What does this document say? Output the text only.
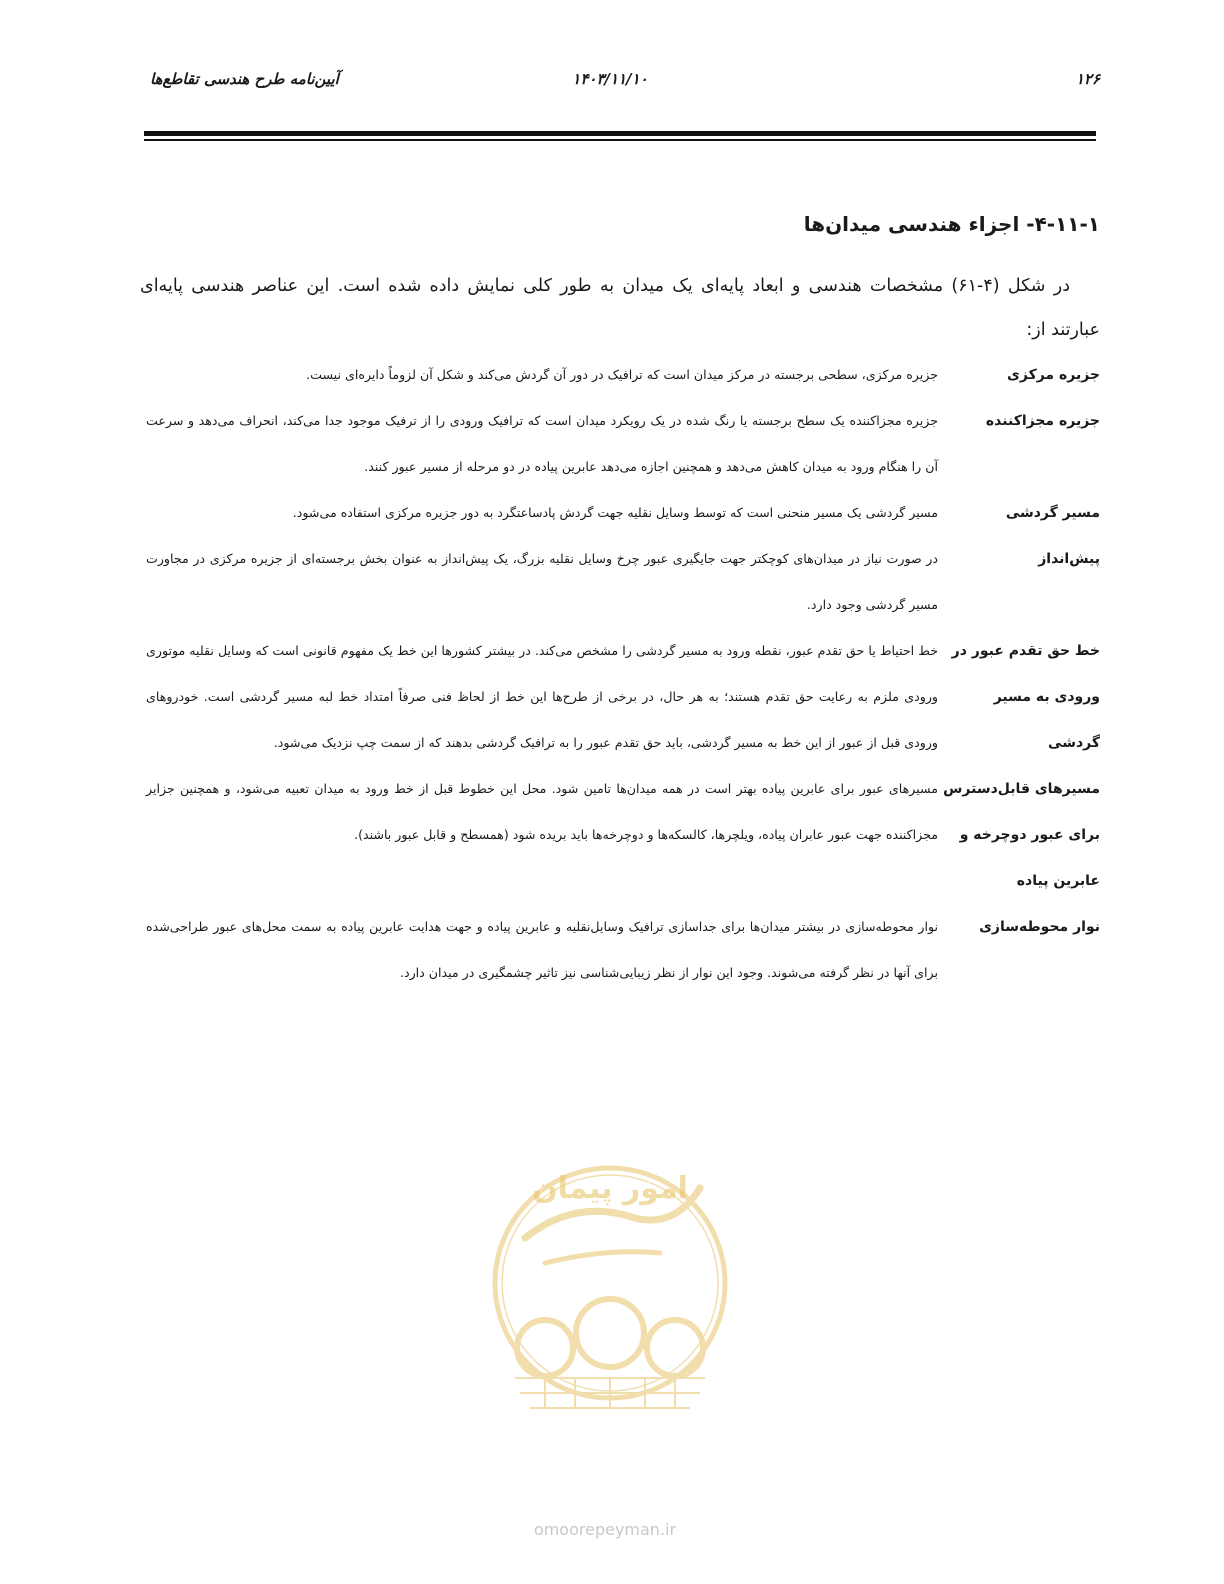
آیین‌نامه طرح هندسی تقاطع‌ها	۱۴۰۳/۱۱/۱۰	۱۲۶
۴-۱۱-۱- اجزاء هندسی میدان‌ها

در شکل (۴-۶۱) مشخصات هندسی و ابعاد پایه‌ای یک میدان به طور کلی نمایش داده شده است. این عناصر هندسی پایه‌ای عبارتند از:

جزیره مرکزی
جزیره مرکزی، سطحی برجسته در مرکز میدان است که ترافیک در دور آن گردش می‌کند و شکل آن لزوماً دایره‌ای نیست.
جزیره مجزاکننده
جزیره مجزاکننده یک سطح برجسته یا رنگ شده در یک رویکرد میدان است که ترافیک ورودی را از ترفیک موجود جدا می‌کند، انحراف می‌دهد و سرعت آن را هنگام ورود به میدان کاهش می‌دهد و همچنین اجازه می‌دهد عابرین پیاده در دو مرحله از مسیر عبور کنند.
مسیر گردشی
مسیر گردشی یک مسیر منحنی است که توسط وسایل نقلیه جهت گردش پادساعتگرد به دور جزیره مرکزی استفاده می‌شود.
پیش‌انداز
در صورت نیاز در میدان‌های کوچکتر جهت جایگیری عبور چرخ وسایل نقلیه بزرگ، یک پیش‌انداز به عنوان بخش برجسته‌ای از جزیره مرکزی در مجاورت مسیر گردشی وجود دارد.
خط حق تقدم عبور در ورودی به مسیر گردشی
خط احتیاط یا حق تقدم عبور، نقطه ورود به مسیر گردشی را مشخص می‌کند. در بیشتر کشورها این خط یک مفهوم قانونی است که وسایل نقلیه موتوری ورودی ملزم به رعایت حق تقدم هستند؛ به هر حال، در برخی از طرح‌ها این خط از لحاظ فنی صرفاً امتداد خط لبه مسیر گردشی است. خودروهای ورودی قبل از عبور از این خط به مسیر گردشی، باید حق تقدم عبور را به ترافیک گردشی بدهند که از سمت چپ نزدیک می‌شود.
مسیرهای قابل‌دسترس برای عبور دوچرخه و عابرین پیاده
مسیرهای عبور برای عابرین پیاده بهتر است در همه میدان‌ها تامین شود. محل این خطوط قبل از خط ورود به میدان تعبیه می‌شود، و همچنین جزایر مجزاکننده جهت عبور عابران پیاده، ویلچرها، کالسکه‌ها و دوچرخه‌ها باید بریده شود (همسطح و قابل عبور باشند).
نوار محوطه‌سازی
نوار محوطه‌سازی در بیشتر میدان‌ها برای جداسازی ترافیک وسایل‌نقلیه و عابرین پیاده و جهت هدایت عابرین پیاده به سمت محل‌های عبور طراحی‌شده برای آنها در نظر گرفته می‌شوند. وجود این نوار از نظر زیبایی‌شناسی نیز تاثیر چشمگیری در میدان دارد.
امور پیمان
omoorepeyman.ir
